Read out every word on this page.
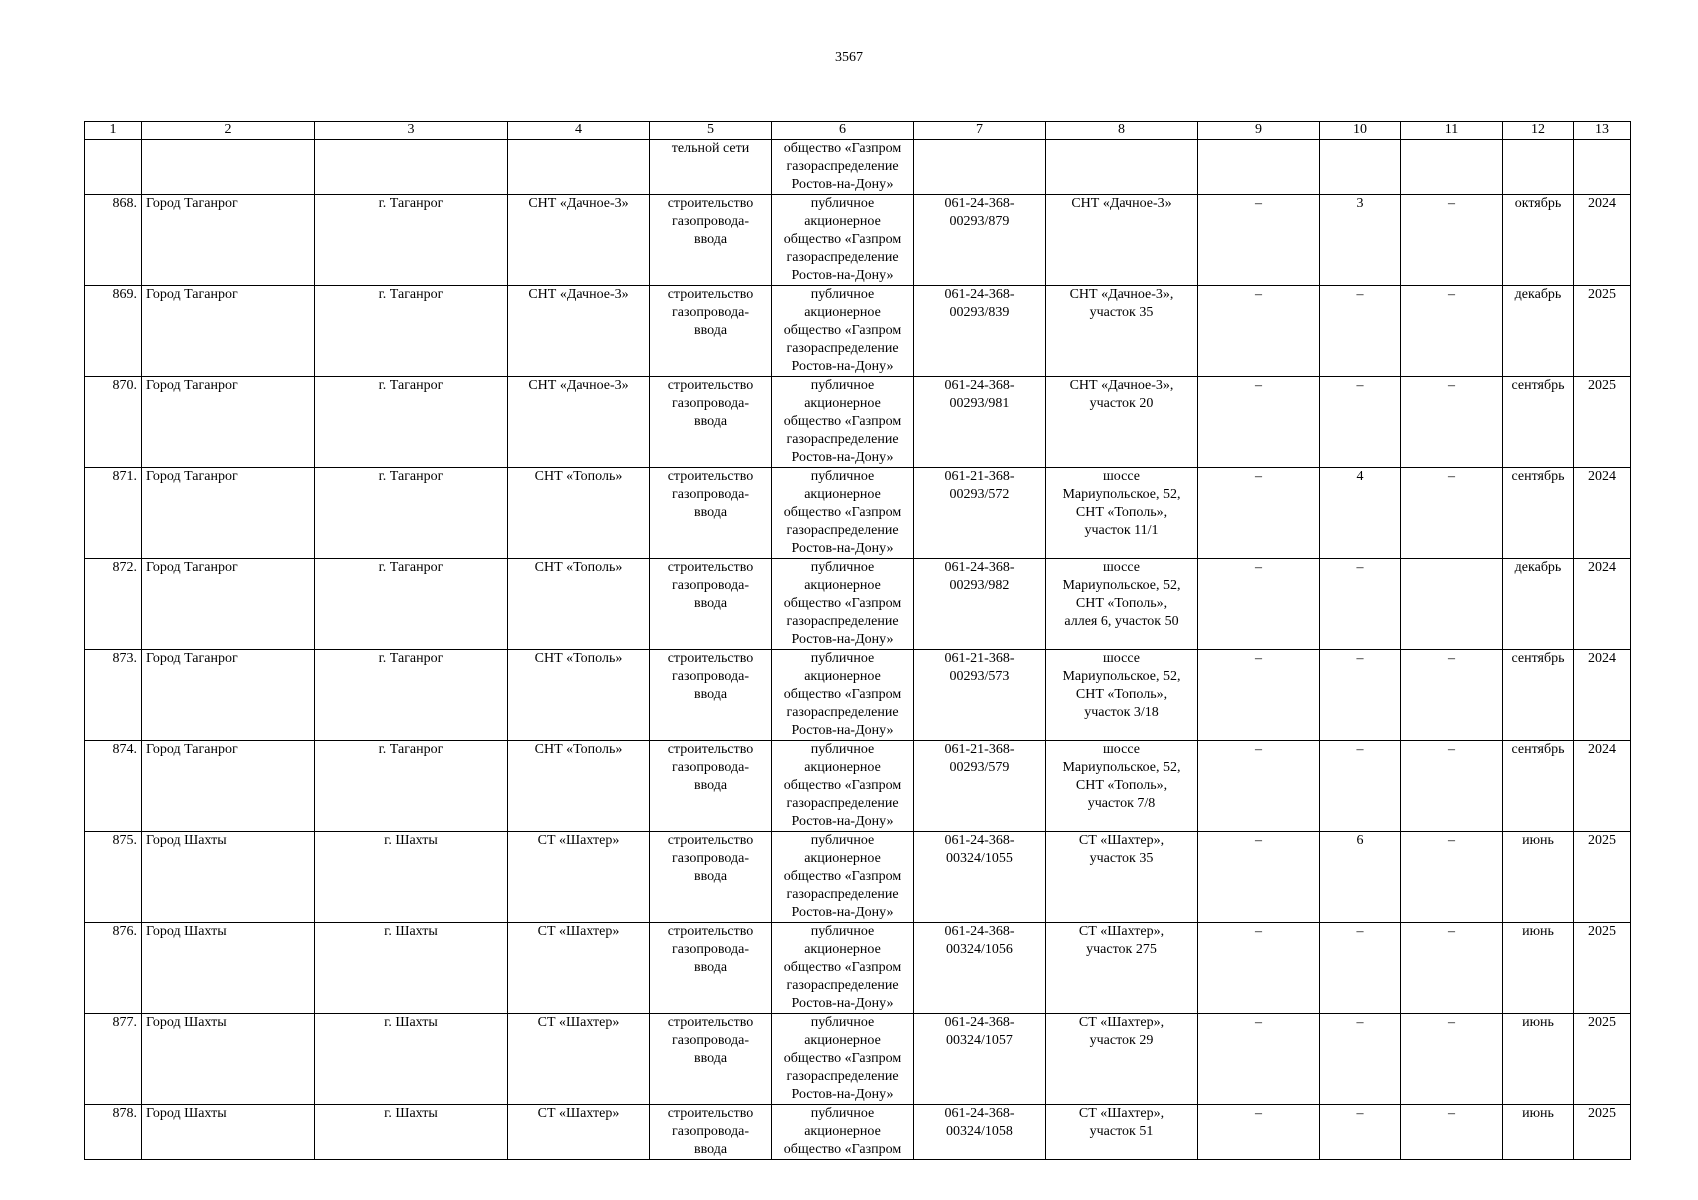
3567
1	2	3	4	5	6	7	8	9	10	11	12	13
				тельной сети	общество «Газпром
газораспределение
Ростов-на-Дону»							
868.	Город Таганрог	г. Таганрог	СНТ «Дачное-3»	строительство
газопровода-
ввода	публичное
акционерное
общество «Газпром
газораспределение
Ростов-на-Дону»	061-24-368-
00293/879	СНТ «Дачное-3»	–	3	–	октябрь	2024
869.	Город Таганрог	г. Таганрог	СНТ «Дачное-3»	строительство
газопровода-
ввода	публичное
акционерное
общество «Газпром
газораспределение
Ростов-на-Дону»	061-24-368-
00293/839	СНТ «Дачное-3»,
участок 35	–	–	–	декабрь	2025
870.	Город Таганрог	г. Таганрог	СНТ «Дачное-3»	строительство
газопровода-
ввода	публичное
акционерное
общество «Газпром
газораспределение
Ростов-на-Дону»	061-24-368-
00293/981	СНТ «Дачное-3»,
участок 20	–	–	–	сентябрь	2025
871.	Город Таганрог	г. Таганрог	СНТ «Тополь»	строительство
газопровода-
ввода	публичное
акционерное
общество «Газпром
газораспределение
Ростов-на-Дону»	061-21-368-
00293/572	шоссе
Мариупольское, 52,
СНТ «Тополь»,
участок 11/1	–	4	–	сентябрь	2024
872.	Город Таганрог	г. Таганрог	СНТ «Тополь»	строительство
газопровода-
ввода	публичное
акционерное
общество «Газпром
газораспределение
Ростов-на-Дону»	061-24-368-
00293/982	шоссе
Мариупольское, 52,
СНТ «Тополь»,
аллея 6, участок 50	–	–		декабрь	2024
873.	Город Таганрог	г. Таганрог	СНТ «Тополь»	строительство
газопровода-
ввода	публичное
акционерное
общество «Газпром
газораспределение
Ростов-на-Дону»	061-21-368-
00293/573	шоссе
Мариупольское, 52,
СНТ «Тополь»,
участок 3/18	–	–	–	сентябрь	2024
874.	Город Таганрог	г. Таганрог	СНТ «Тополь»	строительство
газопровода-
ввода	публичное
акционерное
общество «Газпром
газораспределение
Ростов-на-Дону»	061-21-368-
00293/579	шоссе
Мариупольское, 52,
СНТ «Тополь»,
участок 7/8	–	–	–	сентябрь	2024
875.	Город Шахты	г. Шахты	СТ «Шахтер»	строительство
газопровода-
ввода	публичное
акционерное
общество «Газпром
газораспределение
Ростов-на-Дону»	061-24-368-
00324/1055	СТ «Шахтер»,
участок 35	–	6	–	июнь	2025
876.	Город Шахты	г. Шахты	СТ «Шахтер»	строительство
газопровода-
ввода	публичное
акционерное
общество «Газпром
газораспределение
Ростов-на-Дону»	061-24-368-
00324/1056	СТ «Шахтер»,
участок 275	–	–	–	июнь	2025
877.	Город Шахты	г. Шахты	СТ «Шахтер»	строительство
газопровода-
ввода	публичное
акционерное
общество «Газпром
газораспределение
Ростов-на-Дону»	061-24-368-
00324/1057	СТ «Шахтер»,
участок 29	–	–	–	июнь	2025
878.	Город Шахты	г. Шахты	СТ «Шахтер»	строительство
газопровода-
ввода	публичное
акционерное
общество «Газпром	061-24-368-
00324/1058	СТ «Шахтер»,
участок 51	–	–	–	июнь	2025
